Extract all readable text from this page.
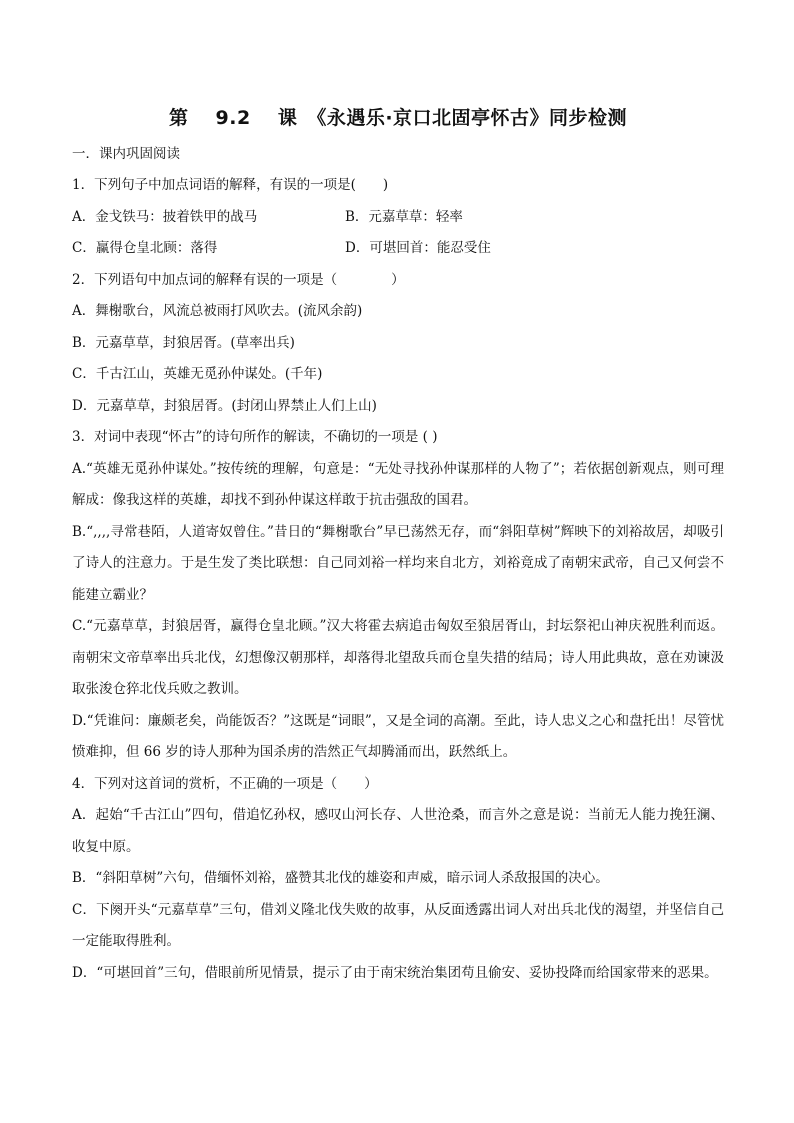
第 9.2 课　《永遇乐·京口北固亭怀古》同步检测
一．课内巩固阅读
1．下列句子中加点词语的解释，有误的一项是(　　)
A．金戈铁马：披着铁甲的战马	B．元嘉草草：轻率
C．赢得仓皇北顾：落得	D．可堪回首：能忍受住
2．下列语句中加点词的解释有误的一项是（　　　　）
A．舞榭歌台，风流总被雨打风吹去。(流风余韵)
B．元嘉草草，封狼居胥。(草率出兵)
C．千古江山，英雄无觅孙仲谋处。(千年)
D．元嘉草草，封狼居胥。(封闭山界禁止人们上山)
3．对词中表现“怀古”的诗句所作的解读，不确切的一项是 ( )
A.“英雄无觅孙仲谋处。”按传统的理解，句意是：“无处寻找孙仲谋那样的人物了”；若依据创新观点，则可理解成：像我这样的英雄，却找不到孙仲谋这样敢于抗击强敌的国君。
B.“,,,,寻常巷陌，人道寄奴曾住。”昔日的“舞榭歌台”早已荡然无存，而“斜阳草树”辉映下的刘裕故居，却吸引了诗人的注意力。于是生发了类比联想：自己同刘裕一样均来自北方，刘裕竟成了南朝宋武帝，自己又何尝不能建立霸业？
C.“元嘉草草，封狼居胥，赢得仓皇北顾。”汉大将霍去病追击匈奴至狼居胥山，封坛祭祀山神庆祝胜利而返。南朝宋文帝草率出兵北伐，幻想像汉朝那样，却落得北望敌兵而仓皇失措的结局；诗人用此典故，意在劝谏汲取张浚仓猝北伐兵败之教训。
D.“凭谁问：廉颇老矣，尚能饭否？”这既是“词眼”，又是全词的高潮。至此，诗人忠义之心和盘托出！尽管忧愤难抑，但 66 岁的诗人那种为国杀虏的浩然正气却腾涌而出，跃然纸上。
4．下列对这首词的赏析，不正确的一项是（　　）
A．起始“千古江山”四句，借追忆孙权，感叹山河长存、人世沧桑，而言外之意是说：当前无人能力挽狂澜、收复中原。
B．“斜阳草树”六句，借缅怀刘裕，盛赞其北伐的雄姿和声威，暗示词人杀敌报国的决心。
C．下阕开头“元嘉草草”三句，借刘义隆北伐失败的故事，从反面透露出词人对出兵北伐的渴望，并坚信自己一定能取得胜利。
D．“可堪回首”三句，借眼前所见情景，提示了由于南宋统治集团苟且偷安、妥协投降而给国家带来的恶果。
